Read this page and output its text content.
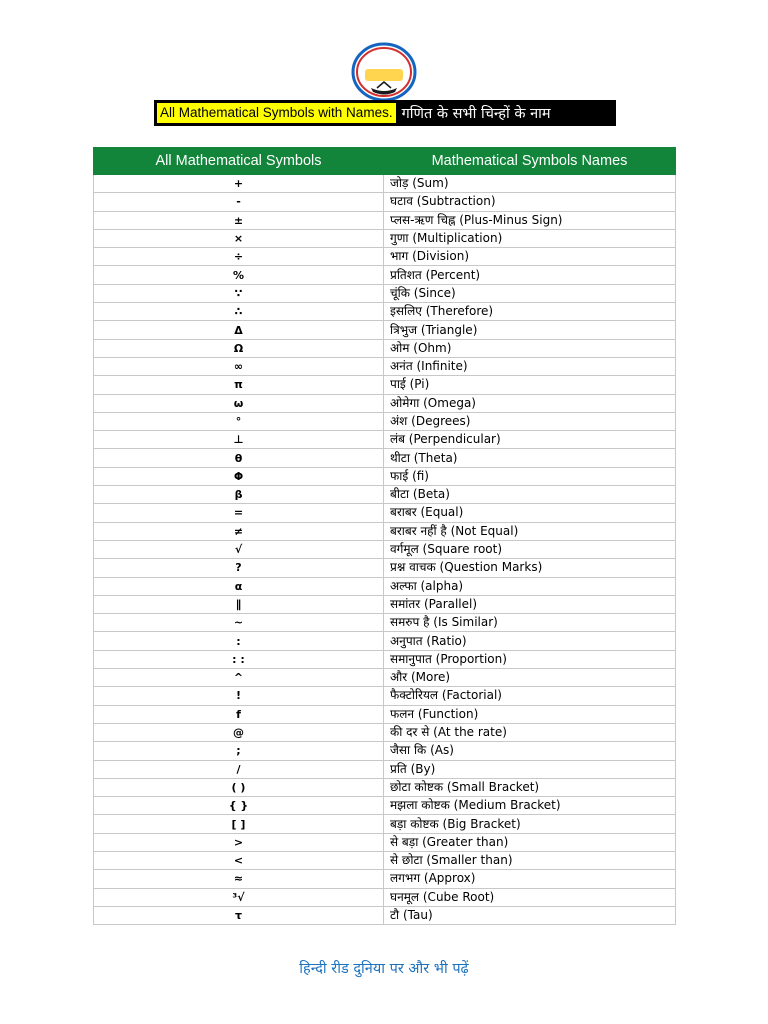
All Mathematical Symbols with Names. गणित के सभी चिन्हों के नाम
All Mathematical Symbols	Mathematical Symbols Names
+	जोड़ (Sum)
-	घटाव (Subtraction)
±	प्लस-ऋण चिह्न (Plus-Minus Sign)
×	गुणा (Multiplication)
÷	भाग (Division)
%	प्रतिशत (Percent)
∵	चूंकि (Since)
∴	इसलिए (Therefore)
Δ	त्रिभुज (Triangle)
Ω	ओम (Ohm)
∞	अनंत (Infinite)
π	पाई (Pi)
ω	ओमेगा (Omega)
°	अंश (Degrees)
⊥	लंब (Perpendicular)
θ	थीटा (Theta)
Φ	फाई (fi)
β	बीटा (Beta)
=	बराबर (Equal)
≠	बराबर नहीं है (Not Equal)
√	वर्गमूल (Square root)
?	प्रश्न वाचक (Question Marks)
α	अल्फा (alpha)
∥	समांतर (Parallel)
~	समरुप है (Is Similar)
:	अनुपात (Ratio)
: :	समानुपात (Proportion)
^	और (More)
!	फैक्टोरियल (Factorial)
f	फलन (Function)
@	की दर से (At the rate)
;	जैसा कि (As)
/	प्रति (By)
( )	छोटा कोष्टक (Small Bracket)
{ }	मझला कोष्टक (Medium Bracket)
[ ]	बड़ा कोष्टक (Big Bracket)
>	से बड़ा (Greater than)
<	से छोटा (Smaller than)
≈	लगभग (Approx)
³√	घनमूल (Cube Root)
τ	टौ (Tau)
हिन्दी रीड दुनिया पर और भी पढ़ें
